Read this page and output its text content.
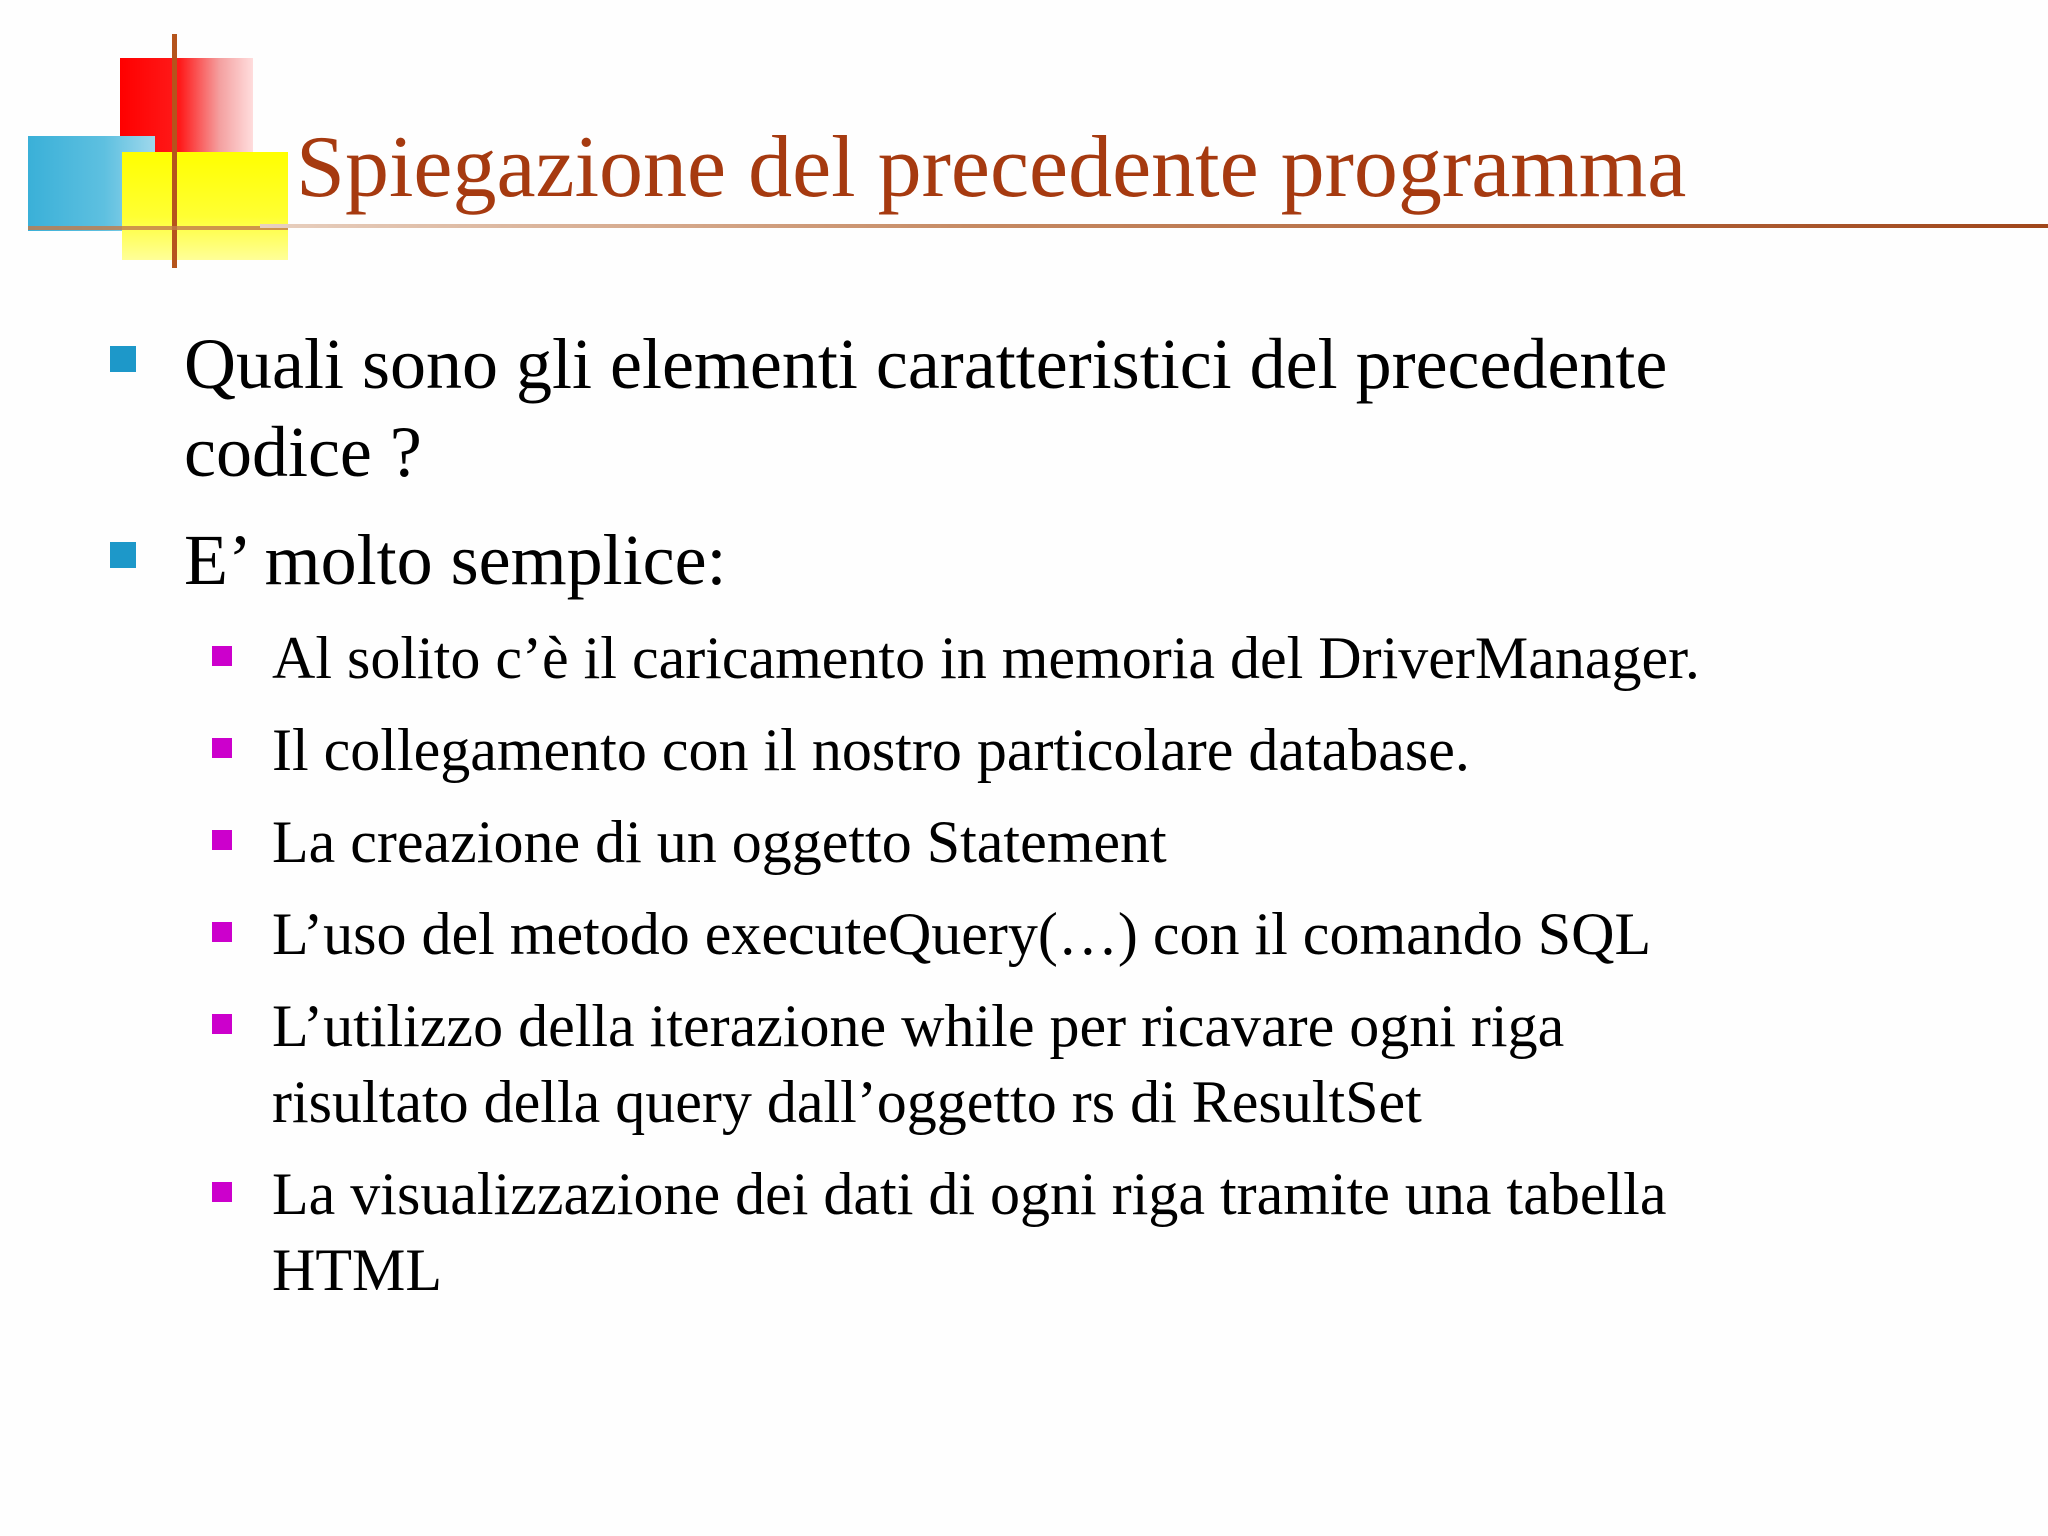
Spiegazione del precedente programma
Quali sono gli elementi caratteristici del precedente
codice ?
E’ molto semplice:
Al solito c’è il caricamento in memoria del DriverManager.
Il collegamento con il nostro particolare database.
La creazione di un oggetto Statement
L’uso del metodo executeQuery(…) con il comando SQL
L’utilizzo della iterazione while per ricavare ogni riga
risultato della query dall’oggetto rs di ResultSet
La visualizzazione dei dati di ogni riga tramite una tabella
HTML
